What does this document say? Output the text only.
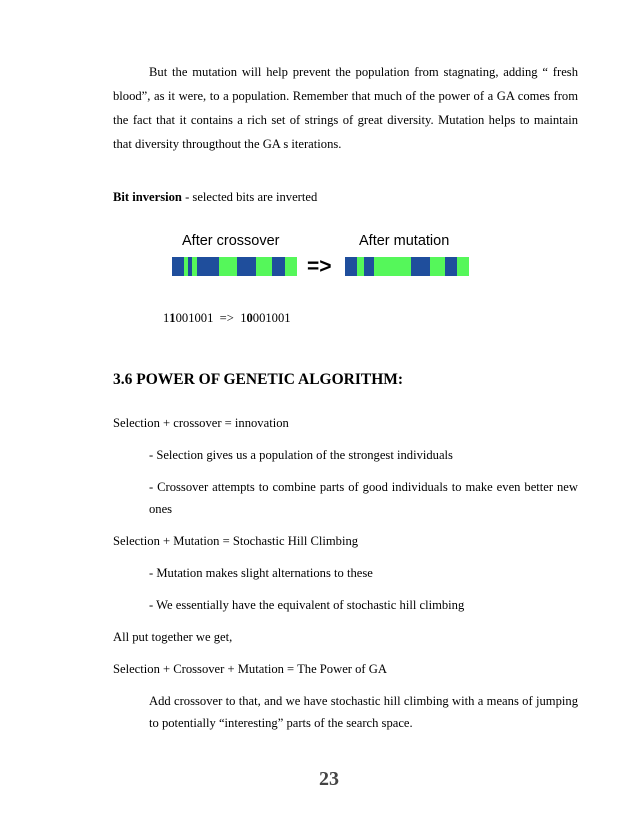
But the mutation will help prevent the population from stagnating, adding “ fresh blood”, as it were, to a population. Remember that much of the power of a GA comes from the fact that it contains a rich set of strings of great diversity. Mutation helps to maintain that diversity througthout the GA s iterations.

Bit inversion - selected bits are inverted
After crossover	After mutation
=>
11001001  =>  10001001
3.6 POWER OF GENETIC ALGORITHM:
Selection + crossover = innovation
- Selection gives us a population of the strongest individuals
- Crossover attempts to combine parts of good individuals to make even better new
ones
Selection + Mutation = Stochastic Hill Climbing
- Mutation makes slight alternations to these
- We essentially have the equivalent of stochastic hill climbing
All put together we get,
Selection + Crossover + Mutation = The Power of GA
Add crossover to that, and we have stochastic hill climbing with a means of jumping
to potentially “interesting” parts of the search space.
23
